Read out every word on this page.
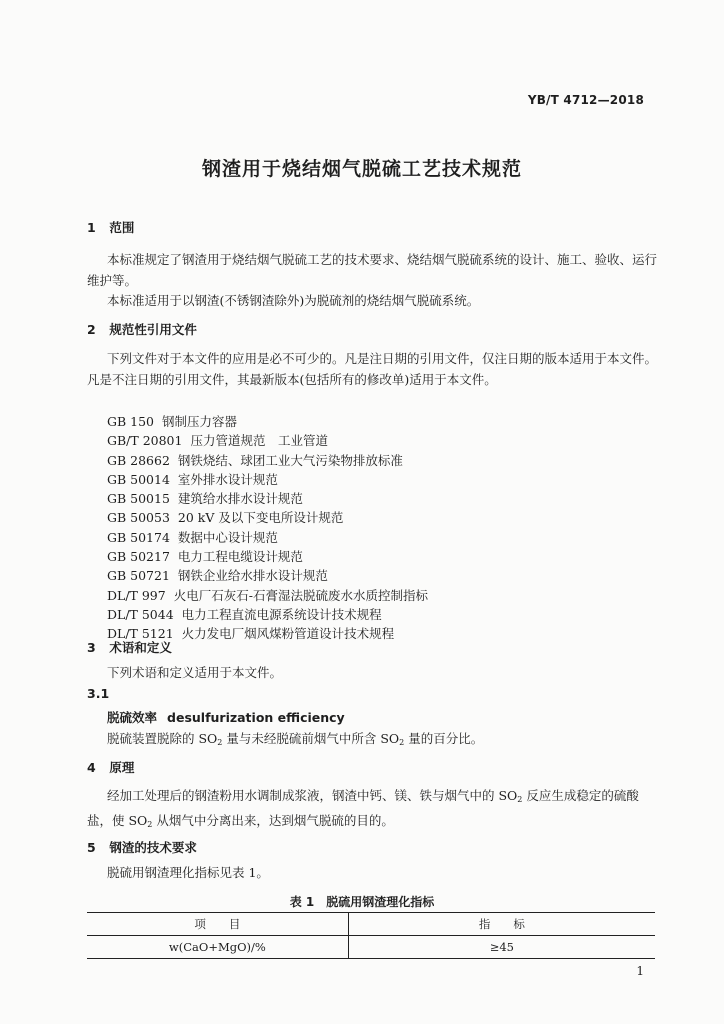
YB/T 4712—2018
钢渣用于烧结烟气脱硫工艺技术规范
1 范围
本标准规定了钢渣用于烧结烟气脱硫工艺的技术要求、烧结烟气脱硫系统的设计、施工、验收、运行维护等。
本标准适用于以钢渣(不锈钢渣除外)为脱硫剂的烧结烟气脱硫系统。
2 规范性引用文件
下列文件对于本文件的应用是必不可少的。凡是注日期的引用文件，仅注日期的版本适用于本文件。凡是不注日期的引用文件，其最新版本(包括所有的修改单)适用于本文件。
GB 150 钢制压力容器
GB/T 20801 压力管道规范　工业管道
GB 28662 钢铁烧结、球团工业大气污染物排放标准
GB 50014 室外排水设计规范
GB 50015 建筑给水排水设计规范
GB 50053 20 kV 及以下变电所设计规范
GB 50174 数据中心设计规范
GB 50217 电力工程电缆设计规范
GB 50721 钢铁企业给水排水设计规范
DL/T 997 火电厂石灰石-石膏湿法脱硫废水水质控制指标
DL/T 5044 电力工程直流电源系统设计技术规程
DL/T 5121 火力发电厂烟风煤粉管道设计技术规程
3 术语和定义
下列术语和定义适用于本文件。
3.1
脱硫效率 desulfurization efficiency
脱硫装置脱除的 $SO_2$ 量与未经脱硫前烟气中所含 $SO_2$ 量的百分比。
4 原理
经加工处理后的钢渣粉用水调制成浆液，钢渣中钙、镁、铁与烟气中的 $SO_2$ 反应生成稳定的硫酸盐，使 $SO_2$ 从烟气中分离出来，达到烟气脱硫的目的。
5 钢渣的技术要求
脱硫用钢渣理化指标见表 1。
表 1　脱硫用钢渣理化指标
项　　目	指　　标
w(CaO+MgO)/%	≥45
1
